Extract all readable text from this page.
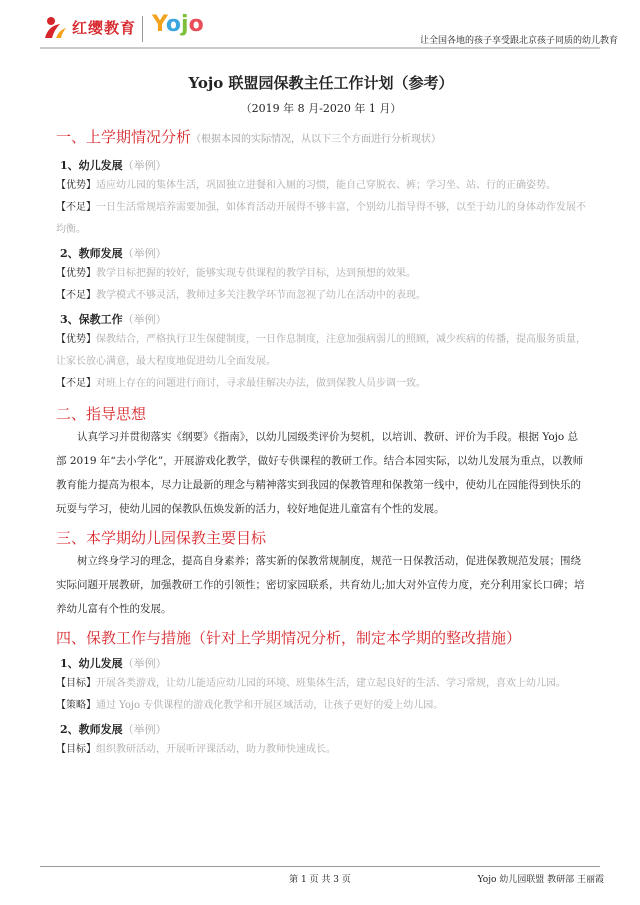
红缨教育 Yojo
让全国各地的孩子享受跟北京孩子同质的幼儿教育
Yojo 联盟园保教主任工作计划（参考）
（2019 年 8 月-2020 年 1 月）
一、上学期情况分析（根据本园的实际情况，从以下三个方面进行分析现状）
1、幼儿发展（举例）
【优势】适应幼儿园的集体生活，巩固独立进餐和入厕的习惯，能自己穿脱衣、裤；学习坐、站、行的正确姿势。
【不足】一日生活常规培养需要加强，如体育活动开展得不够丰富，个别幼儿指导得不够，以至于幼儿的身体动作发展不均衡。
2、教师发展（举例）
【优势】教学目标把握的较好，能够实现专供课程的教学目标，达到预想的效果。
【不足】教学模式不够灵活，教师过多关注教学环节而忽视了幼儿在活动中的表现。
3、保教工作（举例）
【优势】保教结合，严格执行卫生保健制度，一日作息制度，注意加强病弱儿的照顾，减少疾病的传播，提高服务质量，让家长放心满意，最大程度地促进幼儿全面发展。
【不足】对班上存在的问题进行商讨，寻求最佳解决办法，做到保教人员步调一致。
二、指导思想
认真学习并贯彻落实《纲要》《指南》，以幼儿园级类评价为契机，以培训、教研、评价为手段。根据 Yojo 总部 2019 年“去小学化”，开展游戏化教学，做好专供课程的教研工作。结合本园实际，以幼儿发展为重点，以教师教育能力提高为根本，尽力让最新的理念与精神落实到我园的保教管理和保教第一线中，使幼儿在园能得到快乐的玩耍与学习，使幼儿园的保教队伍焕发新的活力，较好地促进儿童富有个性的发展。
三、本学期幼儿园保教主要目标
树立终身学习的理念，提高自身素养；落实新的保教常规制度，规范一日保教活动，促进保教规范发展；围绕实际问题开展教研，加强教研工作的引领性；密切家园联系，共育幼儿;加大对外宣传力度，充分利用家长口碑；培养幼儿富有个性的发展。
四、保教工作与措施（针对上学期情况分析，制定本学期的整改措施）
1、幼儿发展（举例）
【目标】开展各类游戏，让幼儿能适应幼儿园的环境、班集体生活，建立起良好的生活、学习常规，喜欢上幼儿园。
【策略】通过 Yojo 专供课程的游戏化教学和开展区域活动，让孩子更好的爱上幼儿园。
2、教师发展（举例）
【目标】组织教研活动，开展听评课活动，助力教师快速成长。
第 1 页 共 3 页	Yojo 幼儿园联盟 教研部 王丽霞
